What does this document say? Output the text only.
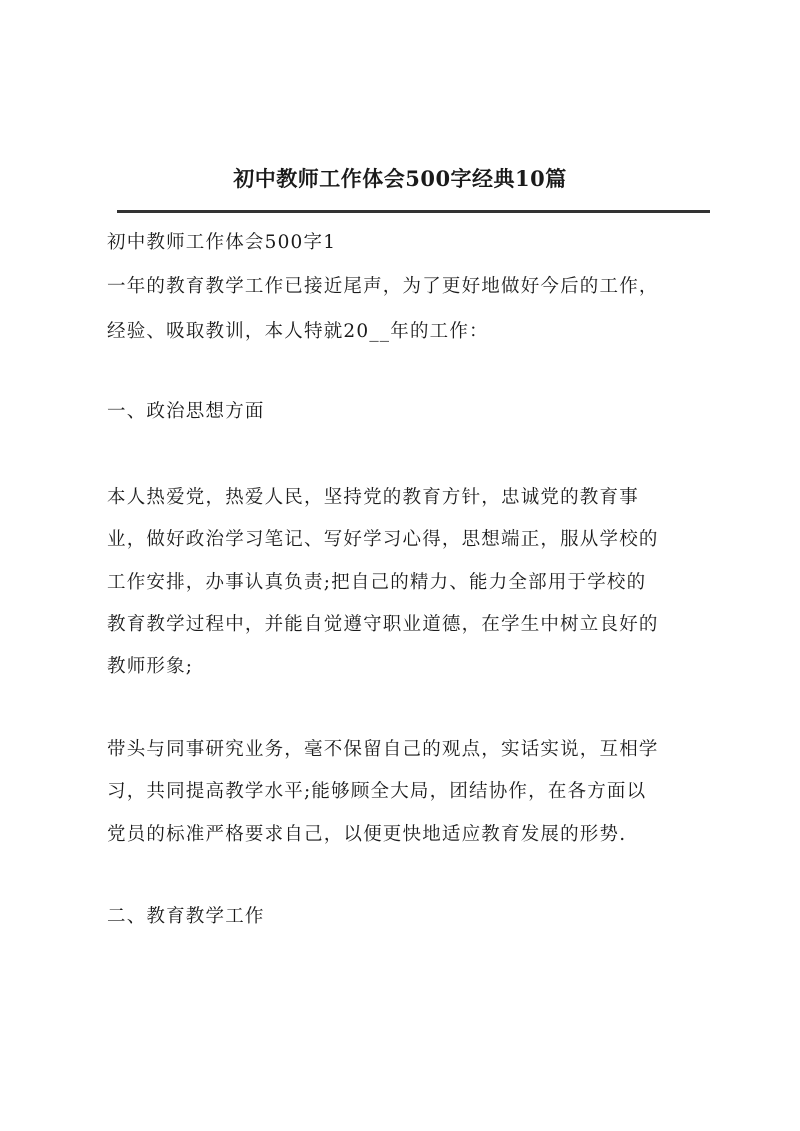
初中教师工作体会500字经典10篇
初中教师工作体会500字1
一年的教育教学工作已接近尾声，为了更好地做好今后的工作，
经验、吸取教训，本人特就20__年的工作：
一、政治思想方面
本人热爱党，热爱人民，坚持党的教育方针，忠诚党的教育事
业，做好政治学习笔记、写好学习心得，思想端正，服从学校的
工作安排，办事认真负责;把自己的精力、能力全部用于学校的
教育教学过程中，并能自觉遵守职业道德，在学生中树立良好的
教师形象;
带头与同事研究业务，毫不保留自己的观点，实话实说，互相学
习，共同提高教学水平;能够顾全大局，团结协作，在各方面以
党员的标准严格要求自己，以便更快地适应教育发展的形势.
二、教育教学工作
